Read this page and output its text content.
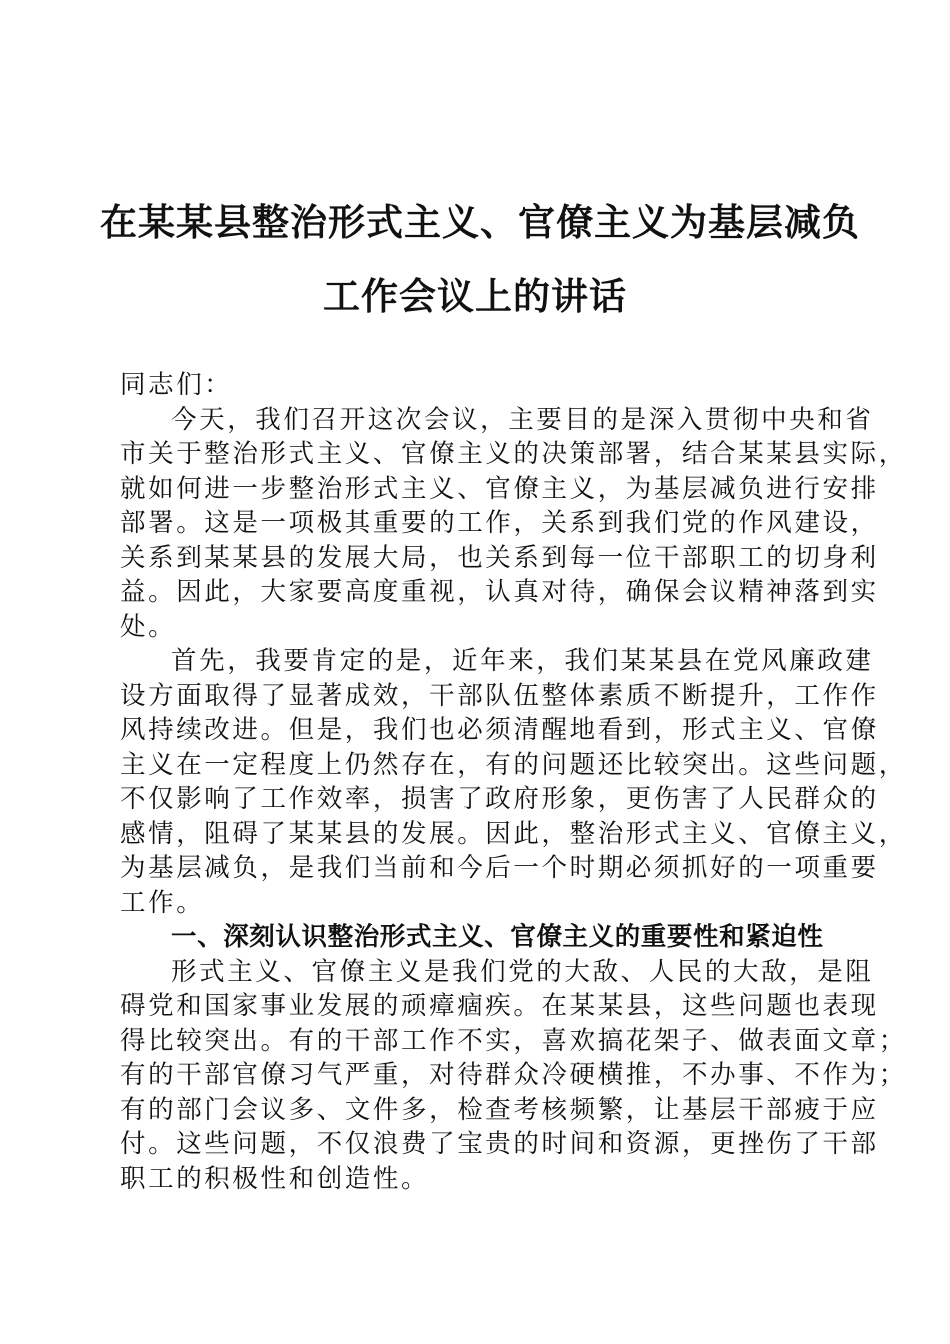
在某某县整治形式主义、官僚主义为基层减负
工作会议上的讲话
同志们：
今天，我们召开这次会议，主要目的是深入贯彻中央和省
市关于整治形式主义、官僚主义的决策部署，结合某某县实际，
就如何进一步整治形式主义、官僚主义，为基层减负进行安排
部署。这是一项极其重要的工作，关系到我们党的作风建设，
关系到某某县的发展大局，也关系到每一位干部职工的切身利
益。因此，大家要高度重视，认真对待，确保会议精神落到实
处。
首先，我要肯定的是，近年来，我们某某县在党风廉政建
设方面取得了显著成效，干部队伍整体素质不断提升，工作作
风持续改进。但是，我们也必须清醒地看到，形式主义、官僚
主义在一定程度上仍然存在，有的问题还比较突出。这些问题，
不仅影响了工作效率，损害了政府形象，更伤害了人民群众的
感情，阻碍了某某县的发展。因此，整治形式主义、官僚主义，
为基层减负，是我们当前和今后一个时期必须抓好的一项重要
工作。
一、深刻认识整治形式主义、官僚主义的重要性和紧迫性
形式主义、官僚主义是我们党的大敌、人民的大敌，是阻
碍党和国家事业发展的顽瘴痼疾。在某某县，这些问题也表现
得比较突出。有的干部工作不实，喜欢搞花架子、做表面文章；
有的干部官僚习气严重，对待群众冷硬横推，不办事、不作为；
有的部门会议多、文件多，检查考核频繁，让基层干部疲于应
付。这些问题，不仅浪费了宝贵的时间和资源，更挫伤了干部
职工的积极性和创造性。
